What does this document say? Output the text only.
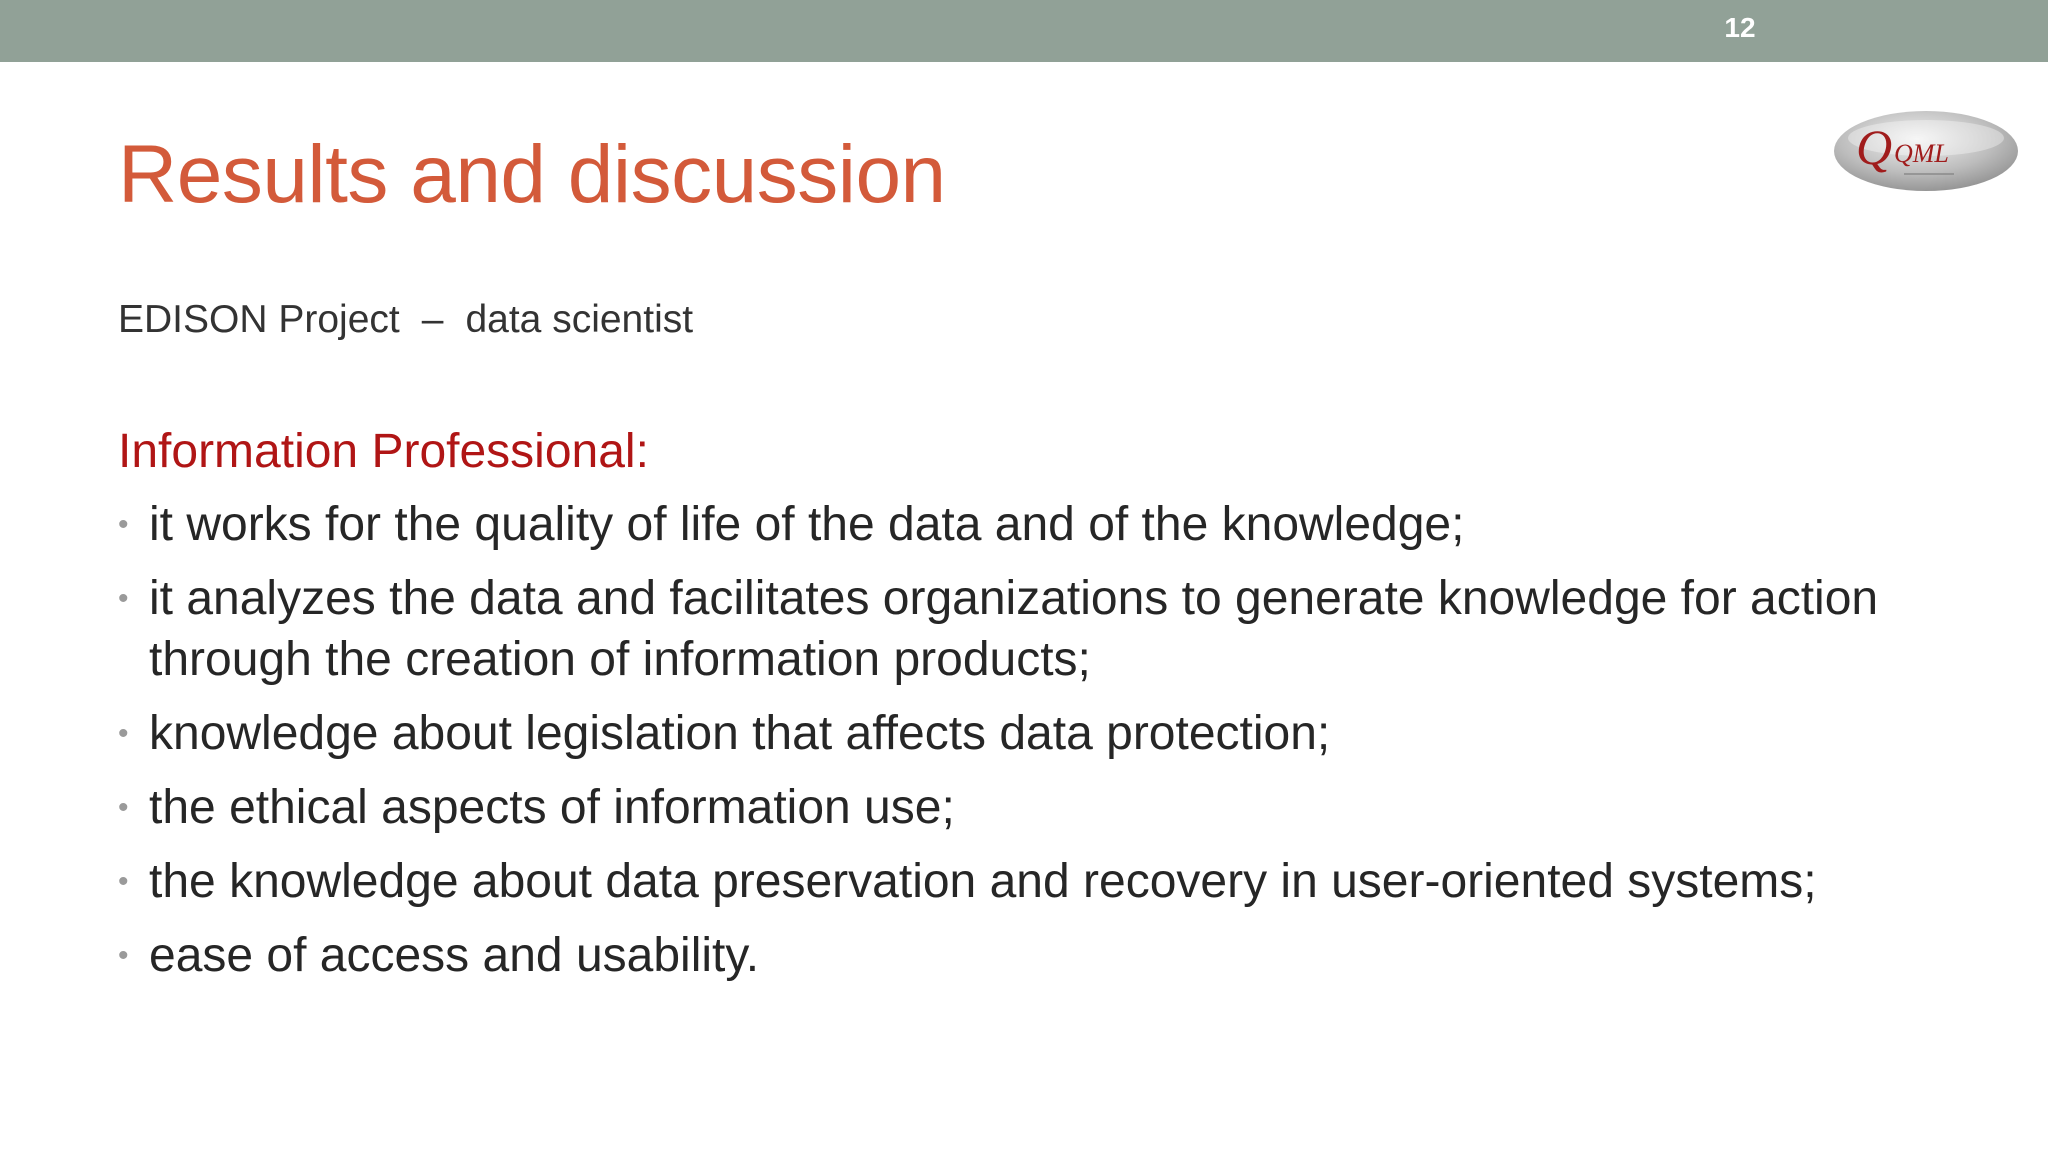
12
Q QML
Results and discussion
EDISON Project – data scientist
Information Professional:
• it works for the quality of life of the data and of the knowledge;
• it analyzes the data and facilitates organizations to generate knowledge for action through the creation of information products;
• knowledge about legislation that affects data protection;
• the ethical aspects of information use;
• the knowledge about data preservation and recovery in user-oriented systems;
• ease of access and usability.
